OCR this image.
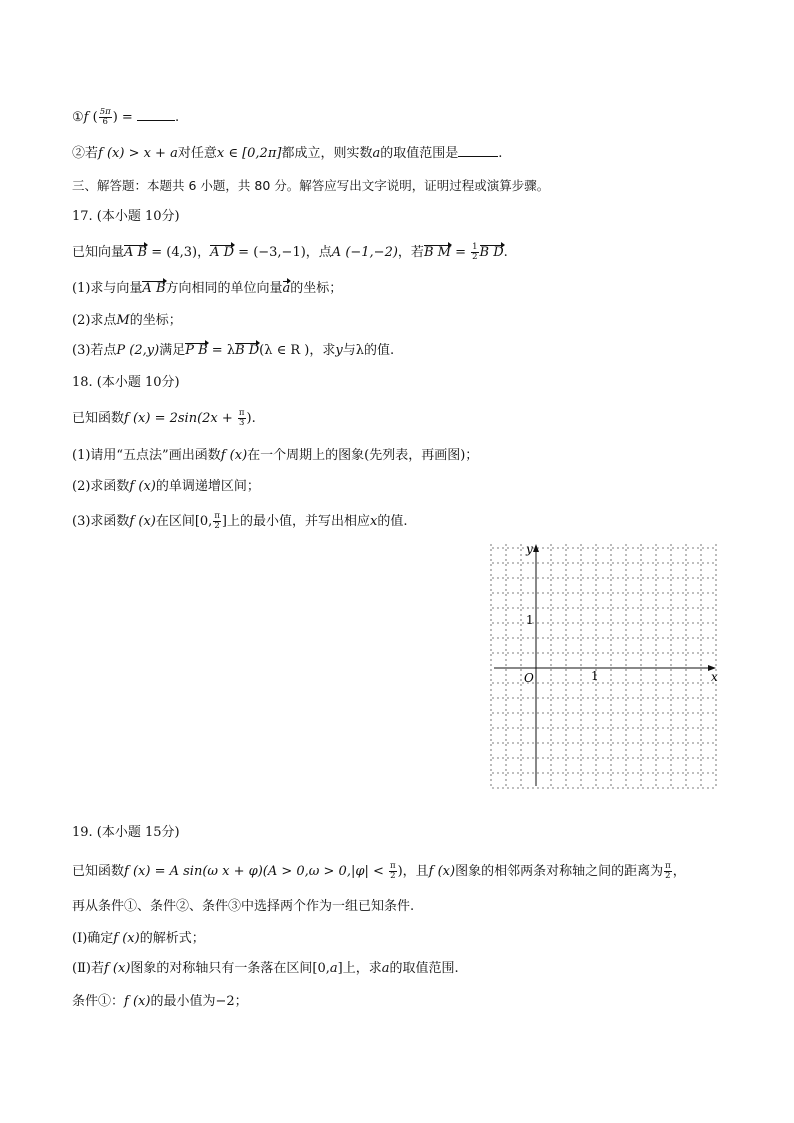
①f ( $\frac{5\pi}{6}$ ) =	.
②若f (x) > x + a对任意x ∈ [0,2π]都成立，则实数a的取值范围是	.
三、解答题：本题共 6 小题，共 80 分。解答应写出文字说明，证明过程或演算步骤。
17. (本小题 10分)
已知向量A B = (4,3)，A D = (−3,−1)，点A (−1,−2)，若B $M = \frac{1}{2}$ B D.
(1)求与向量A B方向相同的单位向量a的坐标；
(2)求点M的坐标；
(3)若点P (2,y)满足P B = λB D(λ ∈ R )，求y与λ的值.
18. (本小题 10分)
已知函数f $(x) = 2\sin(2x + \frac{\pi}{3}$ ).
(1)请用“五点法”画出函数f (x)在一个周期上的图象(先列表，再画图)；
(2)求函数f (x)的单调递增区间；
(3)求函数f (x)在区间[0, $\frac{\pi}{2}$ ]上的最小值，并写出相应x的值.
y
x
O	1
1
19. (本小题 15分)
已知函数f (x) = A sin(ω $x + \varphi)(A > 0,\omega > 0,|\varphi| < \frac{\pi}{2}$ )，且f (x)图象的相邻两条对称轴之间的距离为 $\frac{\pi}{2}$ ，
再从条件①、条件②、条件③中选择两个作为一组已知条件.
(Ⅰ)确定f (x)的解析式；
(Ⅱ)若f (x)图象的对称轴只有一条落在区间[0,a]上，求a的取值范围.
条件①：f (x)的最小值为−2；
